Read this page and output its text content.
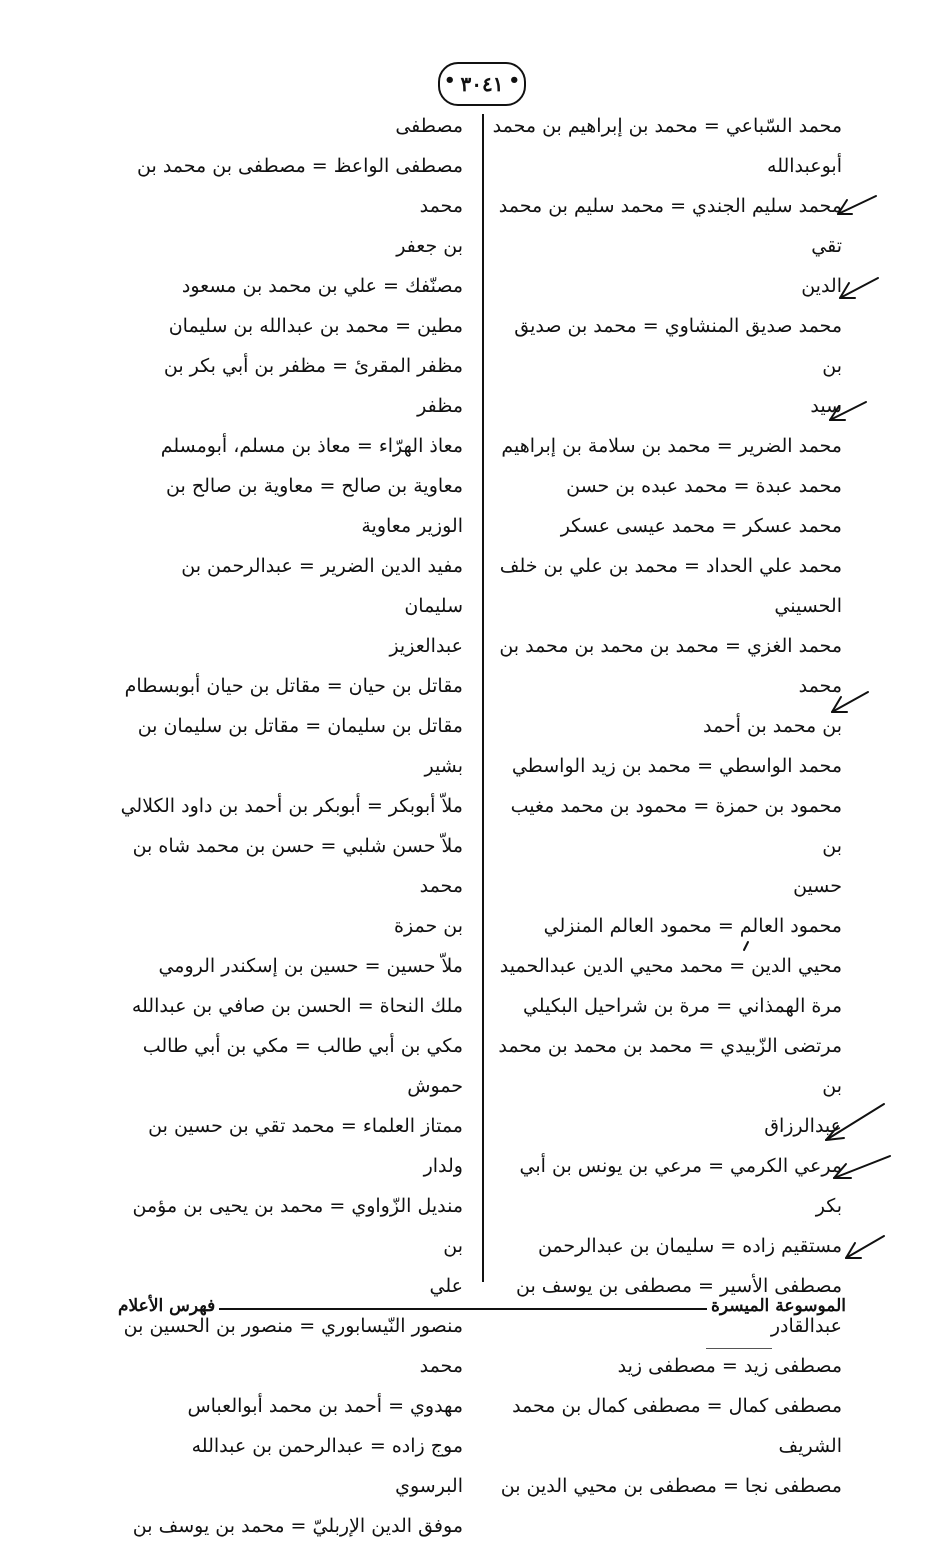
• ٣٠٤١ •
محمد السّباعي = محمد بن إبراهيم بن محمد
أبوعبدالله
محمد سليم الجندي = محمد سليم بن محمد تقي
الدين
محمد صديق المنشاوي = محمد بن صديق بن
سيد
محمد الضرير = محمد بن سلامة بن إبراهيم
محمد عبدة = محمد عبده بن حسن
محمد عسكر = محمد عيسى عسكر
محمد علي الحداد = محمد بن علي بن خلف
الحسيني
محمد الغزي = محمد بن محمد بن محمد بن محمد
بن محمد بن أحمد
محمد الواسطي = محمد بن زيد الواسطي
محمود بن حمزة = محمود بن محمد مغيب بن
حسين
محمود العالم = محمود العالم المنزلي
محيي الدين = محمد محيي الدين عبدالحميد
مرة الهمذاني = مرة بن شراحيل البكيلي
مرتضى الزّبيدي = محمد بن محمد بن محمد بن
عبدالرزاق
مرعي الكرمي = مرعي بن يونس بن أبي بكر
مستقيم زاده = سليمان بن عبدالرحمن
مصطفى الأسير = مصطفى بن يوسف بن
عبدالقادر
مصطفى زيد = مصطفى زيد
مصطفى كمال = مصطفى كمال بن محمد
الشريف
مصطفى نجا = مصطفى بن محيي الدين بن
مصطفى
مصطفى الواعظ = مصطفى بن محمد بن محمد
بن جعفر
مصنّفك = علي بن محمد بن مسعود
مطين = محمد بن عبدالله بن سليمان
مظفر المقرئ = مظفر بن أبي بكر بن مظفر
معاذ الهرّاء = معاذ بن مسلم، أبومسلم
معاوية بن صالح = معاوية بن صالح بن
الوزير معاوية
مفيد الدين الضرير = عبدالرحمن بن سليمان
عبدالعزيز
مقاتل بن حيان = مقاتل بن حيان أبوبسطام
مقاتل بن سليمان = مقاتل بن سليمان بن بشير
ملاّ أبوبكر = أبوبكر بن أحمد بن داود الكلالي
ملاّ حسن شلبي = حسن بن محمد شاه بن محمد
بن حمزة
ملاّ حسين = حسين بن إسكندر الرومي
ملك النحاة = الحسن بن صافي بن عبدالله
مكي بن أبي طالب = مكي بن أبي طالب
حموش
ممتاز العلماء = محمد تقي بن حسين بن ولدار
منديل الزّواوي = محمد بن يحيى بن مؤمن بن
علي
منصور النّيسابوري = منصور بن الحسين بن
محمد
مهدوي = أحمد بن محمد أبوالعباس
موج زاده = عبدالرحمن بن عبدالله البرسوي
موفق الدين الإربليّ = محمد بن يوسف بن
الموسوعة الميسرة
فهرس الأعلام
